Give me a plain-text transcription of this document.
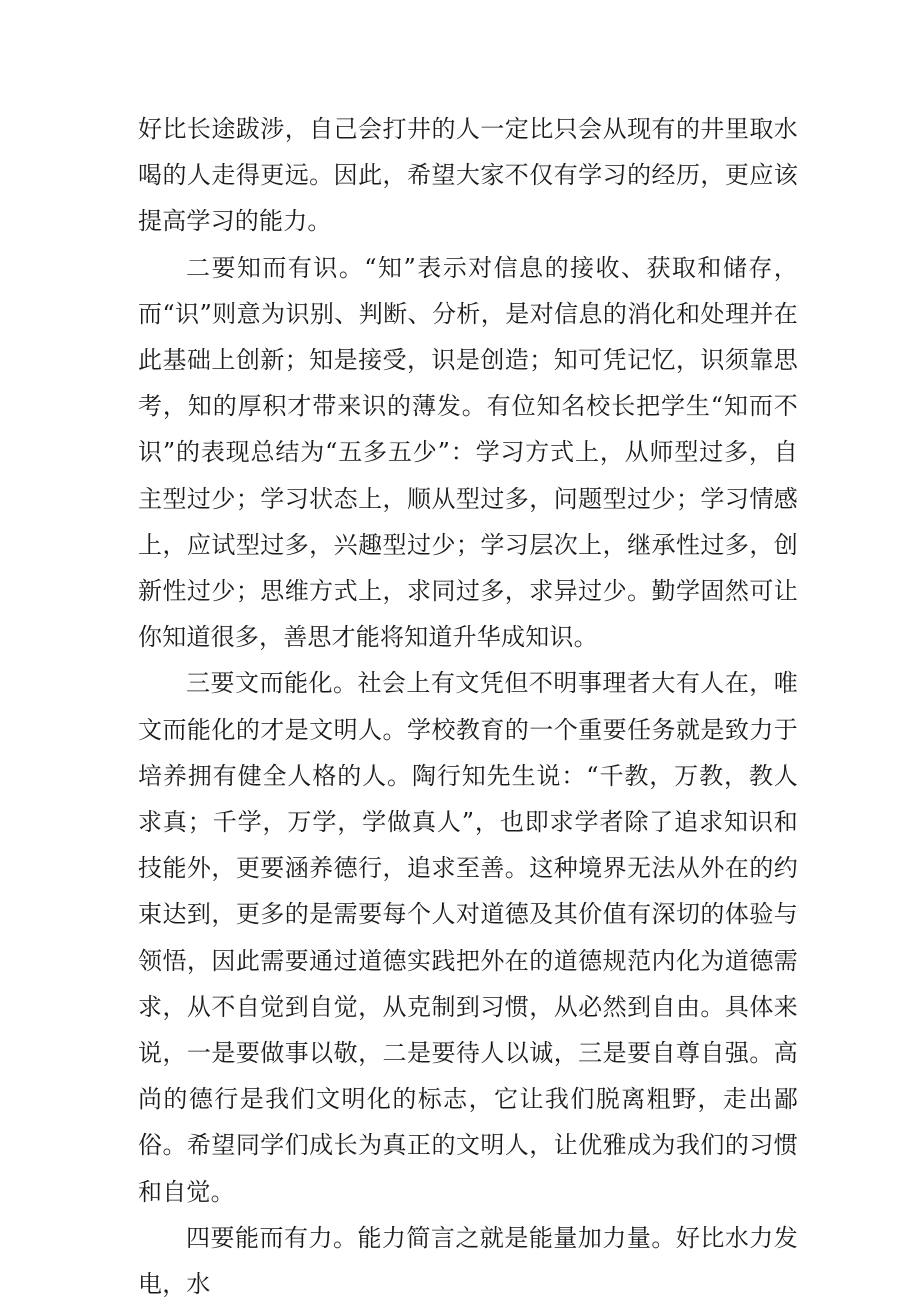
好比长途跋涉，自己会打井的人一定比只会从现有的井里取水喝的人走得更远。因此，希望大家不仅有学习的经历，更应该提高学习的能力。

二要知而有识。“知”表示对信息的接收、获取和储存，而“识”则意为识别、判断、分析，是对信息的消化和处理并在此基础上创新；知是接受，识是创造；知可凭记忆，识须靠思考，知的厚积才带来识的薄发。有位知名校长把学生“知而不识”的表现总结为“五多五少”：学习方式上，从师型过多，自主型过少；学习状态上，顺从型过多，问题型过少；学习情感上，应试型过多，兴趣型过少；学习层次上，继承性过多，创新性过少；思维方式上，求同过多，求异过少。勤学固然可让你知道很多，善思才能将知道升华成知识。

三要文而能化。社会上有文凭但不明事理者大有人在，唯文而能化的才是文明人。学校教育的一个重要任务就是致力于培养拥有健全人格的人。陶行知先生说：“千教，万教，教人求真；千学，万学，学做真人”，也即求学者除了追求知识和技能外，更要涵养德行，追求至善。这种境界无法从外在的约束达到，更多的是需要每个人对道德及其价值有深切的体验与领悟，因此需要通过道德实践把外在的道德规范内化为道德需求，从不自觉到自觉，从克制到习惯，从必然到自由。具体来说，一是要做事以敬，二是要待人以诚，三是要自尊自强。高尚的德行是我们文明化的标志，它让我们脱离粗野，走出鄙俗。希望同学们成长为真正的文明人，让优雅成为我们的习惯和自觉。

四要能而有力。能力简言之就是能量加力量。好比水力发电，水
